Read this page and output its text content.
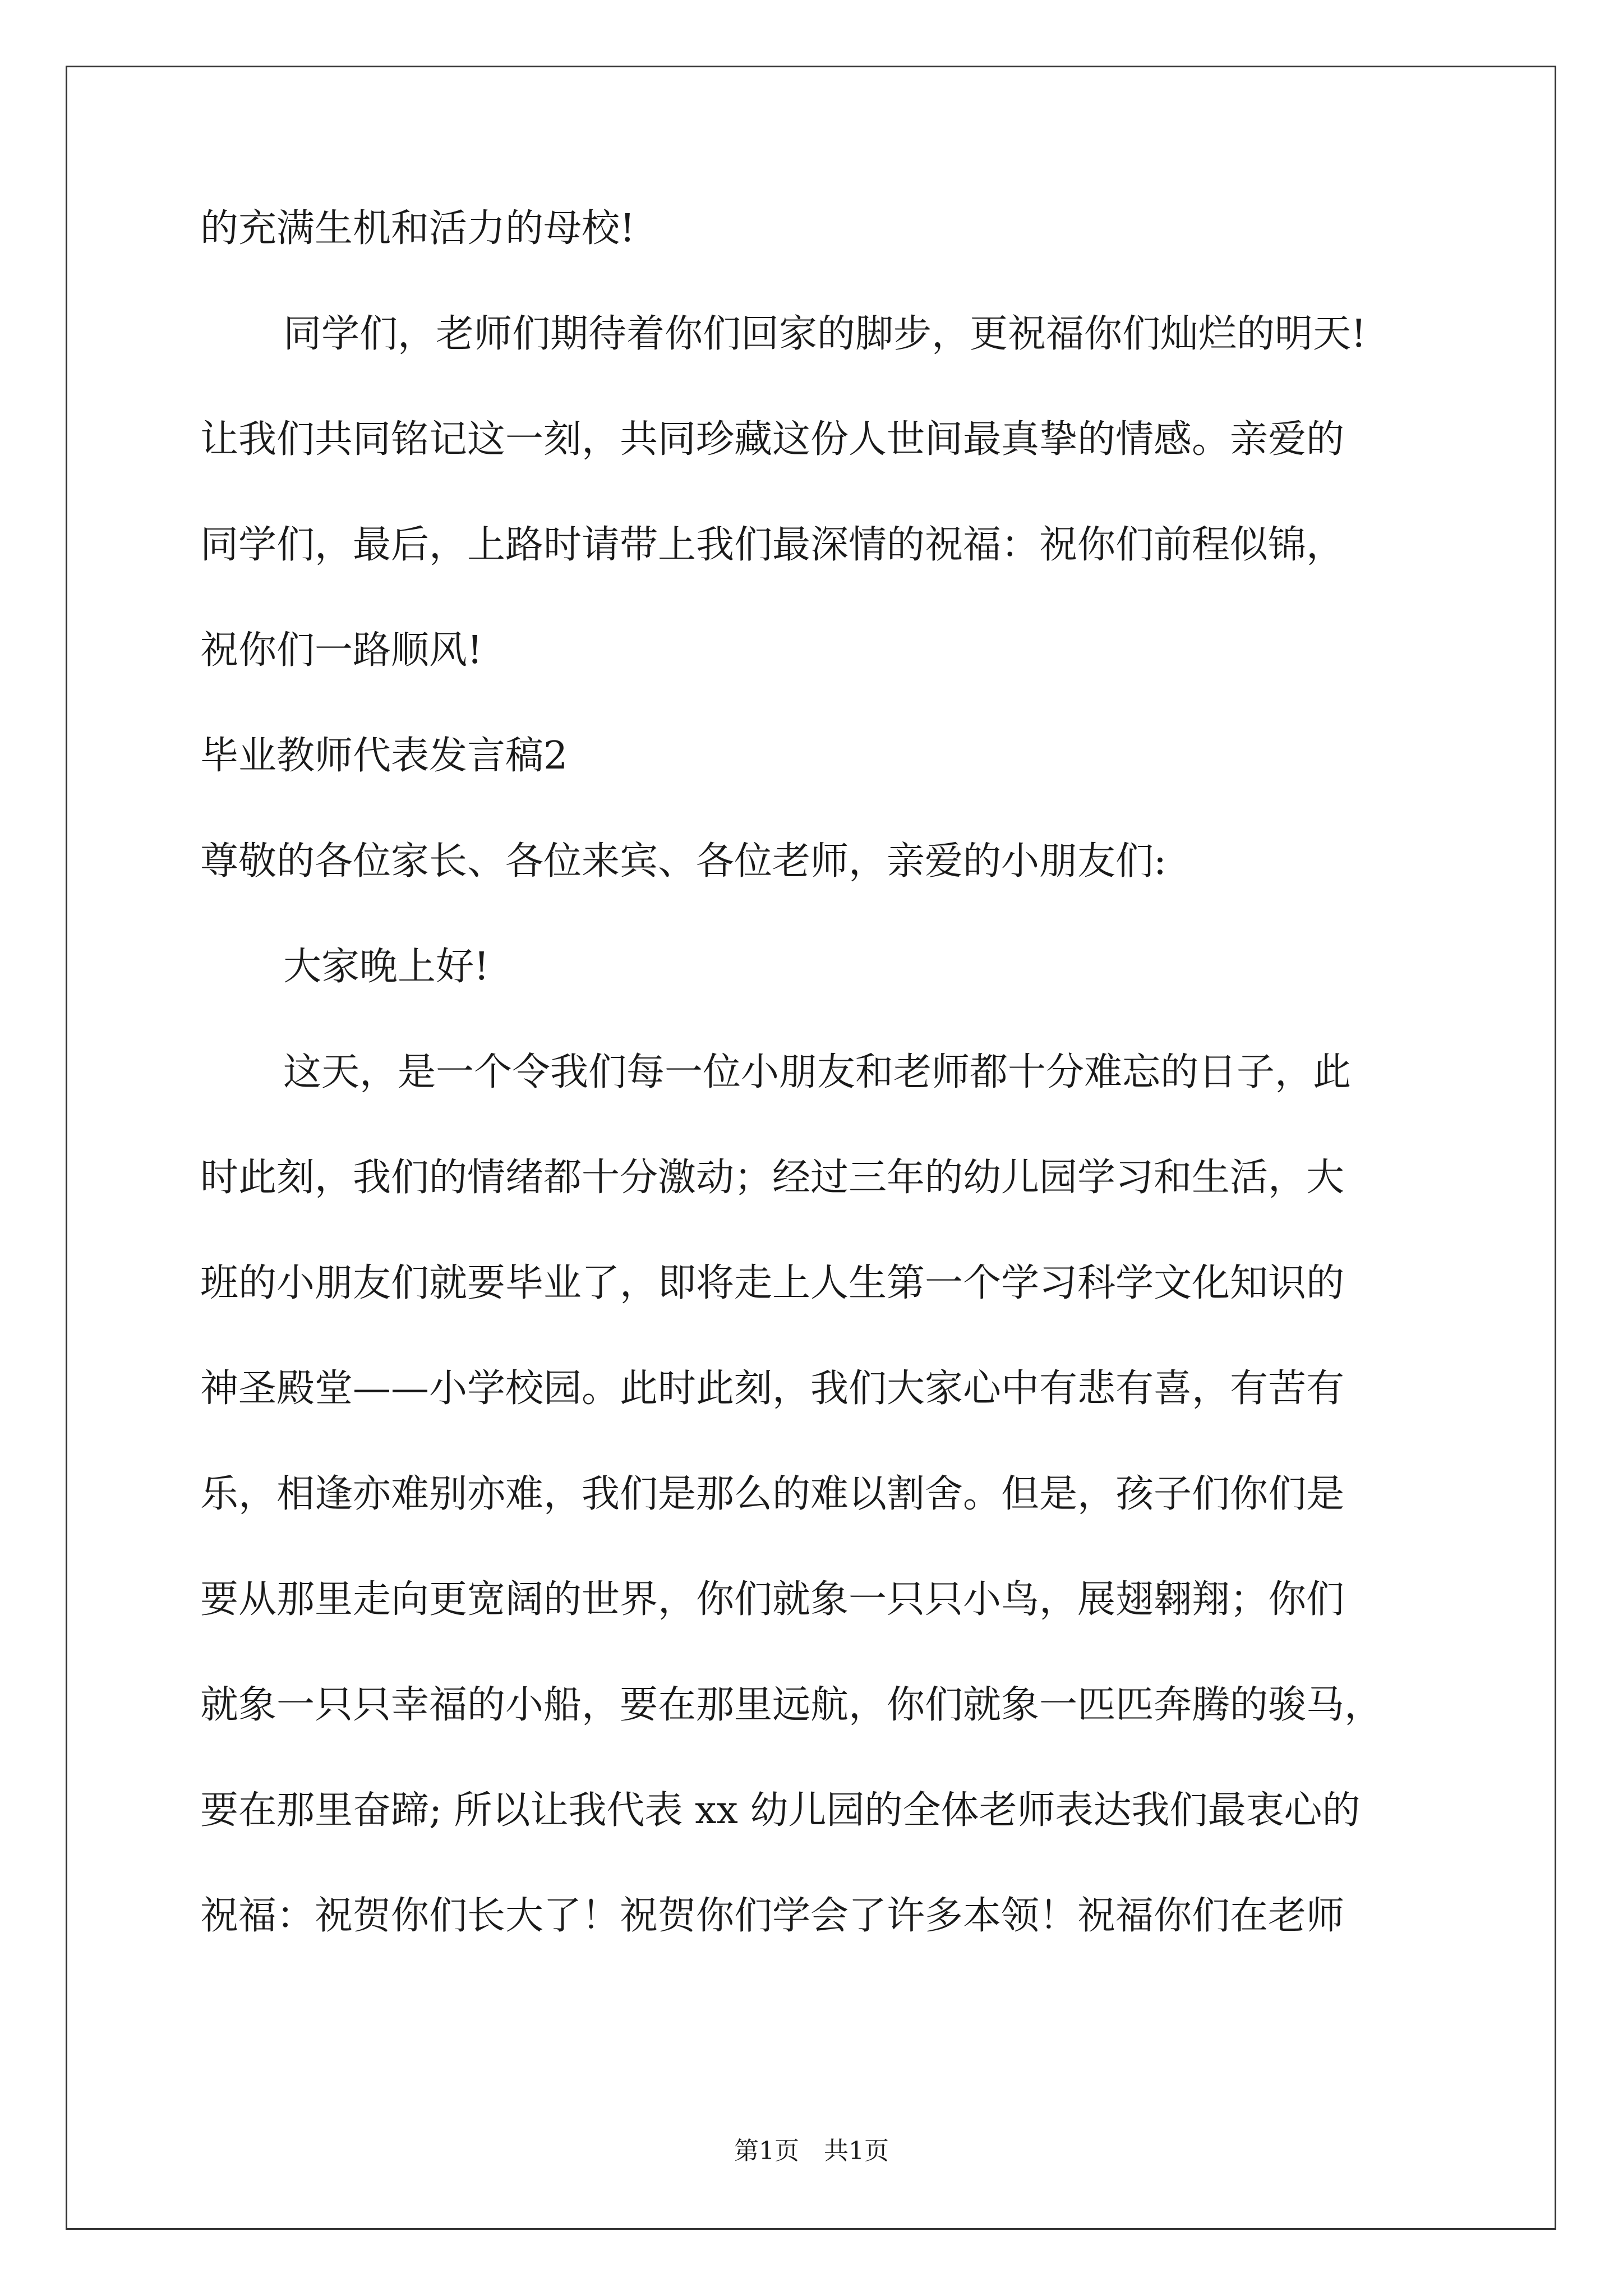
的充满生机和活力的母校!

同学们，老师们期待着你们回家的脚步，更祝福你们灿烂的明天!

让我们共同铭记这一刻，共同珍藏这份人世间最真挚的情感。亲爱的

同学们，最后，上路时请带上我们最深情的祝福：祝你们前程似锦，

祝你们一路顺风!

毕业教师代表发言稿2

尊敬的各位家长、各位来宾、各位老师，亲爱的小朋友们:

大家晚上好!

这天，是一个令我们每一位小朋友和老师都十分难忘的日子，此

时此刻，我们的情绪都十分激动；经过三年的幼儿园学习和生活，大

班的小朋友们就要毕业了，即将走上人生第一个学习科学文化知识的

神圣殿堂——小学校园。此时此刻，我们大家心中有悲有喜，有苦有

乐，相逢亦难别亦难，我们是那么的难以割舍。但是，孩子们你们是

要从那里走向更宽阔的世界，你们就象一只只小鸟，展翅翱翔；你们

就象一只只幸福的小船，要在那里远航，你们就象一匹匹奔腾的骏马，

要在那里奋蹄; 所以让我代表 xx 幼儿园的全体老师表达我们最衷心的

祝福：祝贺你们长大了！祝贺你们学会了许多本领！祝福你们在老师

第1页 共1页
